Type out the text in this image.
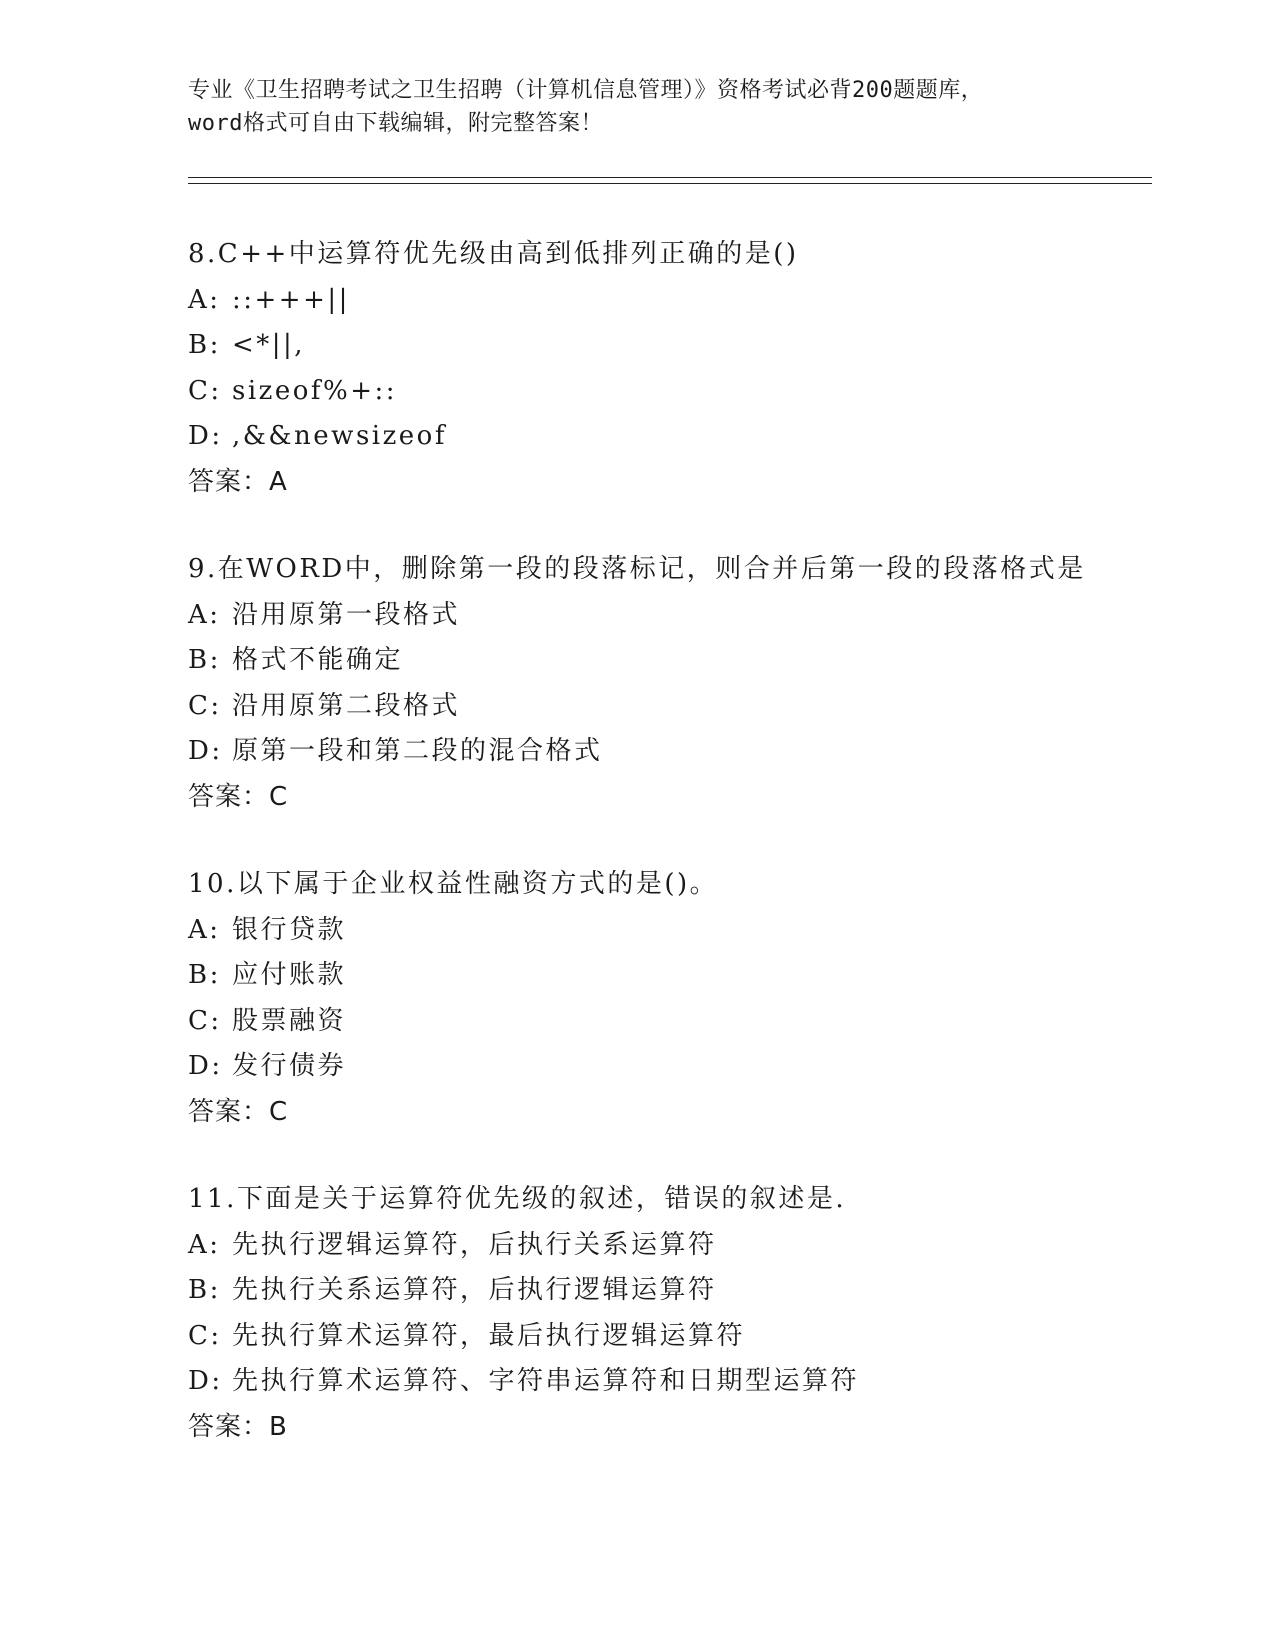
专业《卫生招聘考试之卫生招聘（计算机信息管理）》资格考试必背200题题库，
word格式可自由下载编辑，附完整答案！
8.C++中运算符优先级由高到低排列正确的是()
A: ::+++||
B: <*||,
C: sizeof%+::
D: ,&&newsizeof
答案：A
9.在WORD中，删除第一段的段落标记，则合并后第一段的段落格式是
A: 沿用原第一段格式
B: 格式不能确定
C: 沿用原第二段格式
D: 原第一段和第二段的混合格式
答案：C
10.以下属于企业权益性融资方式的是()。
A: 银行贷款
B: 应付账款
C: 股票融资
D: 发行债券
答案：C
11.下面是关于运算符优先级的叙述，错误的叙述是.
A: 先执行逻辑运算符，后执行关系运算符
B: 先执行关系运算符，后执行逻辑运算符
C: 先执行算术运算符，最后执行逻辑运算符
D: 先执行算术运算符、字符串运算符和日期型运算符
答案：B
